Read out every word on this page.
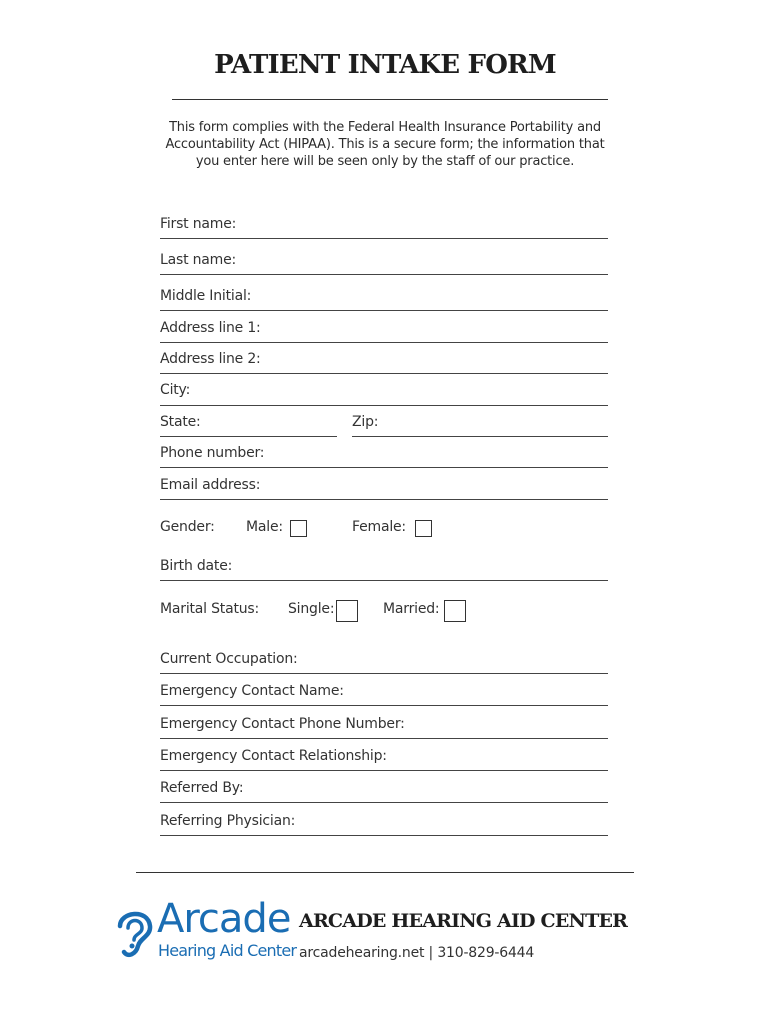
PATIENT INTAKE FORM
This form complies with the Federal Health Insurance Portability and Accountability Act (HIPAA). This is a secure form; the information that you enter here will be seen only by the staff of our practice.
First name:
Last name:
Middle Initial:
Address line 1:
Address line 2:
City:
State:	Zip:
Phone number:
Email address:
Gender: Male:	Female:
Birth date:
Marital Status: Single:	Married:
Current Occupation:
Emergency Contact Name:
Emergency Contact Phone Number:
Emergency Contact Relationship:
Referred By:
Referring Physician:
Arcade
Hearing Aid Center
ARCADE HEARING AID CENTER
arcadehearing.net | 310-829-6444
